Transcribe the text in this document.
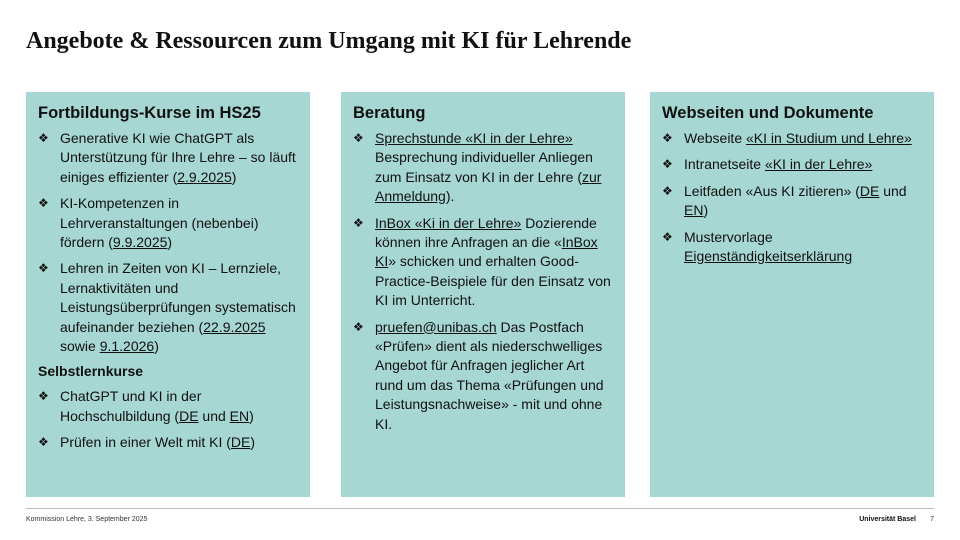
Angebote & Ressourcen zum Umgang mit KI für Lehrende
Fortbildungs-Kurse im HS25
❖ Generative KI wie ChatGPT als Unterstützung für Ihre Lehre – so läuft einiges effizienter (2.9.2025)
❖ KI-Kompetenzen in Lehrveranstaltungen (nebenbei) fördern (9.9.2025)
❖ Lehren in Zeiten von KI – Lernziele, Lernaktivitäten und Leistungsüberprüfungen systematisch aufeinander beziehen (22.9.2025 sowie 9.1.2026)
Selbstlernkurse
❖ ChatGPT und KI in der Hochschulbildung (DE und EN)
❖ Prüfen in einer Welt mit KI (DE)
Beratung
❖ Sprechstunde «KI in der Lehre» Besprechung individueller Anliegen zum Einsatz von KI in der Lehre (zur Anmeldung).
❖ InBox «Ki in der Lehre» Dozierende können ihre Anfragen an die «InBox KI» schicken und erhalten Good-Practice-Beispiele für den Einsatz von KI im Unterricht.
❖ pruefen@unibas.ch Das Postfach «Prüfen» dient als niederschwelliges Angebot für Anfragen jeglicher Art rund um das Thema «Prüfungen und Leistungsnachweise» - mit und ohne KI.
Webseiten und Dokumente
❖ Webseite «KI in Studium und Lehre»
❖ Intranetseite «KI in der Lehre»
❖ Leitfaden «Aus KI zitieren» (DE und EN)
❖ Mustervorlage Eigenständigkeitserklärung
Kommission Lehre, 3. September 2025	Universität Basel 7
